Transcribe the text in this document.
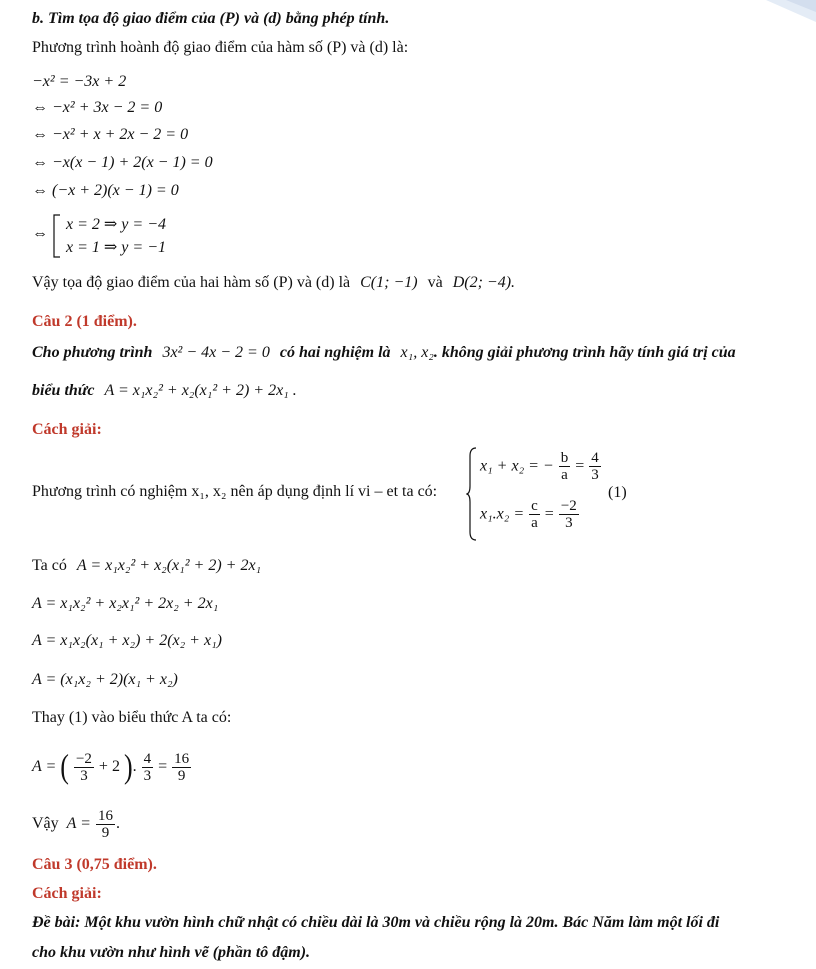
b. Tìm tọa độ giao điểm của (P) và (d) bằng phép tính.
Phương trình hoành độ giao điểm của hàm số (P) và (d) là:
−x² = −3x + 2
⇔ −x² + 3x − 2 = 0
⇔ −x² + x + 2x − 2 = 0
⇔ −x(x − 1) + 2(x − 1) = 0
⇔ (−x + 2)(x − 1) = 0
⇔
x = 2 ⇒ y = −4
x = 1 ⇒ y = −1
Vậy tọa độ giao điểm của hai hàm số (P) và (d) là C(1; −1) và D(2; −4).
Câu 2 (1 điểm).
Cho phương trình 3x² − 4x − 2 = 0 có hai nghiệm là x₁, x₂. không giải phương trình hãy tính giá trị của
biểu thức A = x₁x₂² + x₂(x₁² + 2) + 2x₁ .
Cách giải:
Phương trình có nghiệm x₁, x₂ nên áp dụng định lí vi – et ta có:
x₁ + x₂ = − $\frac{b}{a} = \frac{4}{3}$
$x_1.x_2 = \frac{c}{a} = \frac{-2}{3}$
(1)
Ta có A = x₁x₂² + x₂(x₁² + 2) + 2x₁
A = x₁x₂² + x₂x₁² + 2x₂ + 2x₁
A = x₁x₂(x₁ + x₂) + 2(x₂ + x₁)
A = (x₁x₂ + 2)(x₁ + x₂)
Thay (1) vào biểu thức A ta có:
A = ( $\frac{-2}{3} + 2$ ). $\frac{4}{3} = \frac{16}{9}$
Vậy $A = \frac{16}{9}$ .
Câu 3 (0,75 điểm).
Cách giải:
Đề bài: Một khu vườn hình chữ nhật có chiều dài là 30m và chiều rộng là 20m. Bác Năm làm một lối đi
cho khu vườn như hình vẽ (phần tô đậm).
